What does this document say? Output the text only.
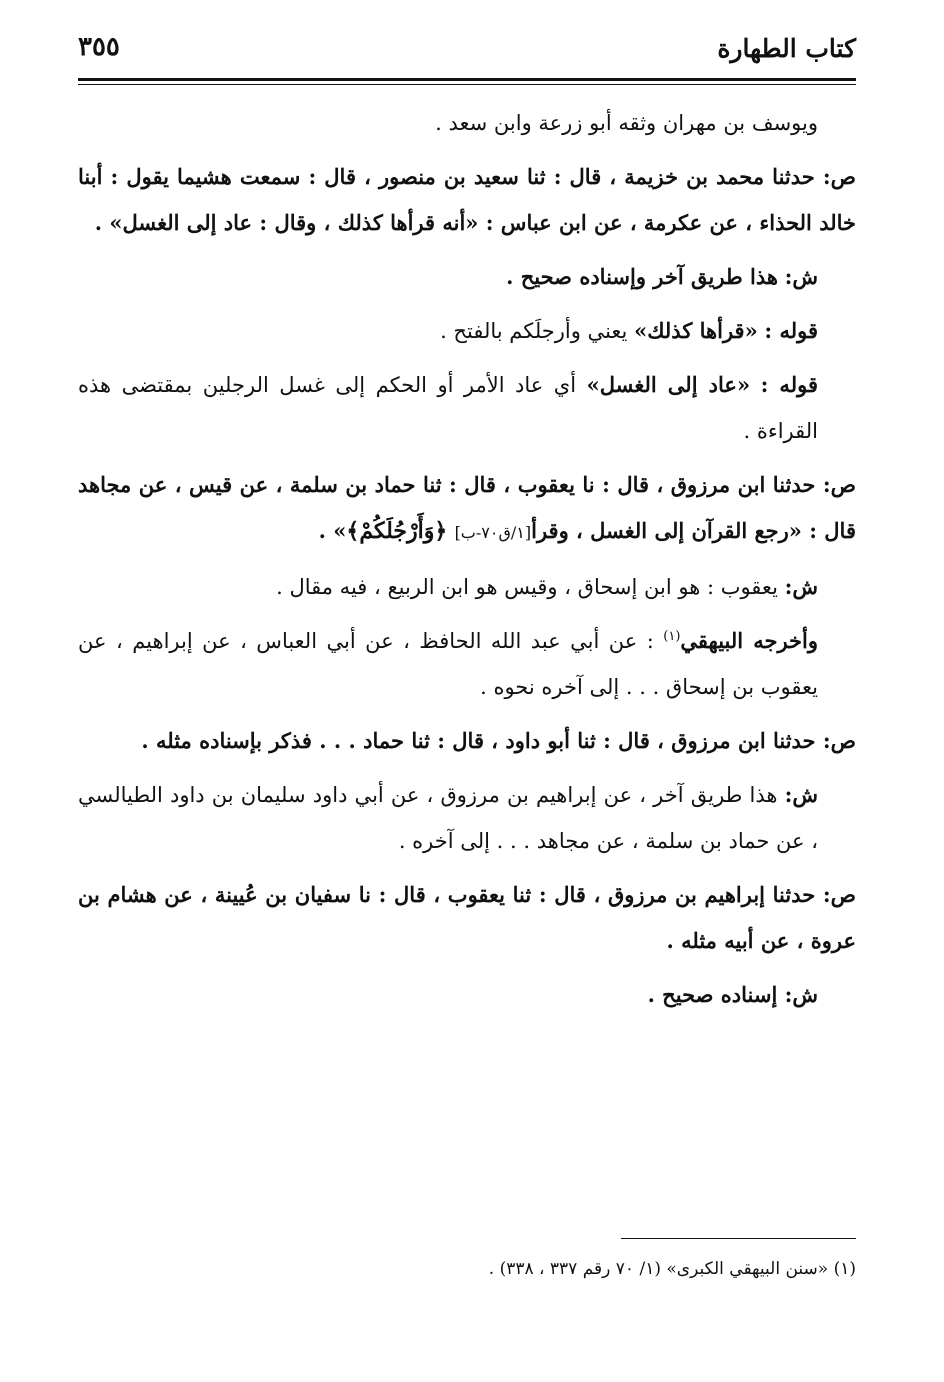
كتاب الطهارة
٣٥٥

ويوسف بن مهران وثقه أبو زرعة وابن سعد .

ص: حدثنا محمد بن خزيمة ، قال : ثنا سعيد بن منصور ، قال : سمعت هشيما يقول : أبنا خالد الحذاء ، عن عكرمة ، عن ابن عباس : «أنه قرأها كذلك ، وقال : عاد إلى الغسل» .

ش: هذا طريق آخر وإسناده صحيح .

قوله : «قرأها كذلك» يعني وأرجلَكم بالفتح .

قوله : «عاد إلى الغسل» أي عاد الأمر أو الحكم إلى غسل الرجلين بمقتضى هذه القراءة .

ص: حدثنا ابن مرزوق ، قال : نا يعقوب ، قال : ثنا حماد بن سلمة ، عن قيس ، عن مجاهد قال : «رجع القرآن إلى الغسل ، وقرأ[١/ق٧٠-ب] ﴿وَأَرْجُلَكُمْ﴾» .

ش: يعقوب : هو ابن إسحاق ، وقيس هو ابن الربيع ، فيه مقال .

وأخرجه البيهقي$^{(١)}$ : عن أبي عبد الله الحافظ ، عن أبي العباس ، عن إبراهيم ، عن يعقوب بن إسحاق . . . إلى آخره نحوه .

ص: حدثنا ابن مرزوق ، قال : ثنا أبو داود ، قال : ثنا حماد . . . فذكر بإسناده مثله .

ش: هذا طريق آخر ، عن إبراهيم بن مرزوق ، عن أبي داود سليمان بن داود الطيالسي ، عن حماد بن سلمة ، عن مجاهد . . . إلى آخره .

ص: حدثنا إبراهيم بن مرزوق ، قال : ثنا يعقوب ، قال : نا سفيان بن عُيينة ، عن هشام بن عروة ، عن أبيه مثله .

ش: إسناده صحيح .

(١) «سنن البيهقي الكبرى» (١/ ٧٠ رقم ٣٣٧ ، ٣٣٨) .
